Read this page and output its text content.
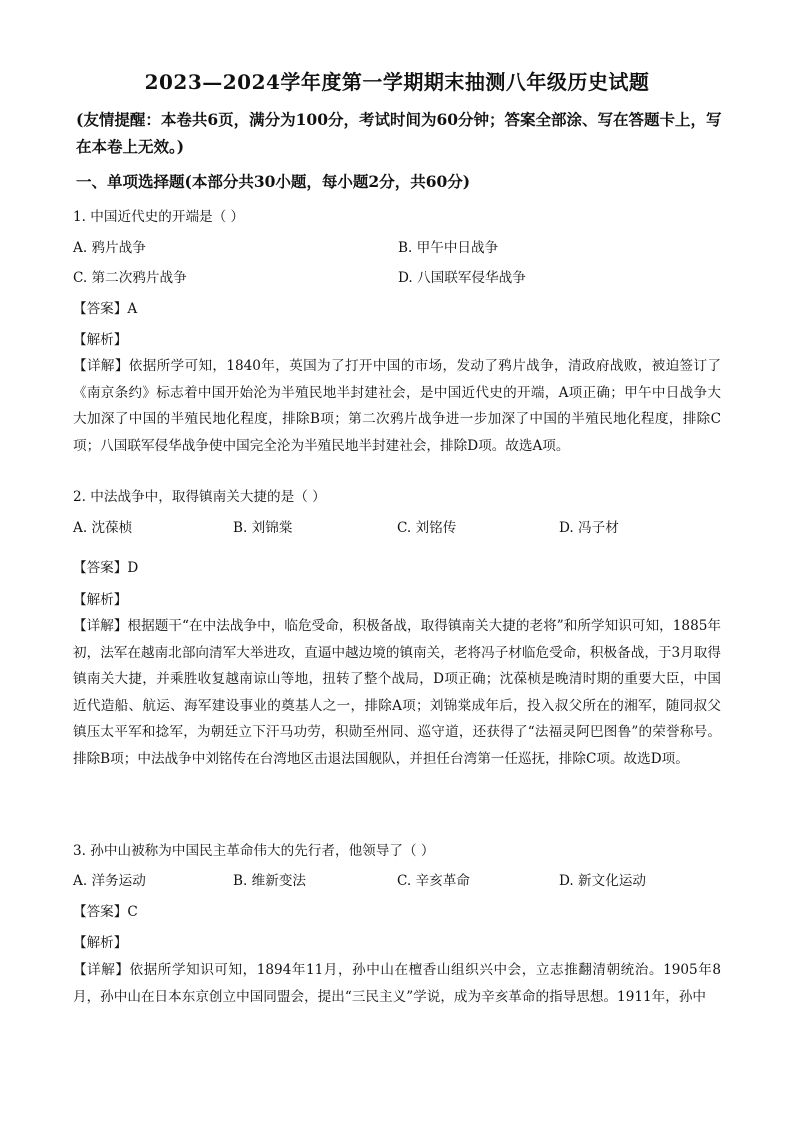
2023—2024学年度第一学期期末抽测八年级历史试题
(友情提醒：本卷共6页，满分为100分，考试时间为60分钟；答案全部涂、写在答题卡上，写在本卷上无效。)
一、单项选择题(本部分共30小题，每小题2分，共60分)
1. 中国近代史的开端是（ ）
A. 鸦片战争	B. 甲午中日战争
C. 第二次鸦片战争	D. 八国联军侵华战争
【答案】A
【解析】
【详解】依据所学可知，1840年，英国为了打开中国的市场，发动了鸦片战争，清政府战败，被迫签订了《南京条约》标志着中国开始沦为半殖民地半封建社会，是中国近代史的开端，A项正确；甲午中日战争大大加深了中国的半殖民地化程度，排除B项；第二次鸦片战争进一步加深了中国的半殖民地化程度，排除C项；八国联军侵华战争使中国完全沦为半殖民地半封建社会，排除D项。故选A项。
2. 中法战争中，取得镇南关大捷的是（ ）
A. 沈葆桢	B. 刘锦棠	C. 刘铭传	D. 冯子材
【答案】D
【解析】
【详解】根据题干“在中法战争中，临危受命，积极备战，取得镇南关大捷的老将”和所学知识可知，1885年初，法军在越南北部向清军大举进攻，直逼中越边境的镇南关，老将冯子材临危受命，积极备战，于3月取得镇南关大捷，并乘胜收复越南谅山等地，扭转了整个战局，D项正确；沈葆桢是晚清时期的重要大臣，中国近代造船、航运、海军建设事业的奠基人之一，排除A项；刘锦棠成年后，投入叔父所在的湘军，随同叔父镇压太平军和捻军，为朝廷立下汗马功劳，积勋至州同、巡守道，还获得了“法福灵阿巴图鲁”的荣誉称号。排除B项；中法战争中刘铭传在台湾地区击退法国舰队，并担任台湾第一任巡抚，排除C项。故选D项。
3. 孙中山被称为中国民主革命伟大的先行者，他领导了（ ）
A. 洋务运动	B. 维新变法	C. 辛亥革命	D. 新文化运动
【答案】C
【解析】
【详解】依据所学知识可知，1894年11月，孙中山在檀香山组织兴中会，立志推翻清朝统治。1905年8月，孙中山在日本东京创立中国同盟会，提出“三民主义”学说，成为辛亥革命的指导思想。1911年，孙中
